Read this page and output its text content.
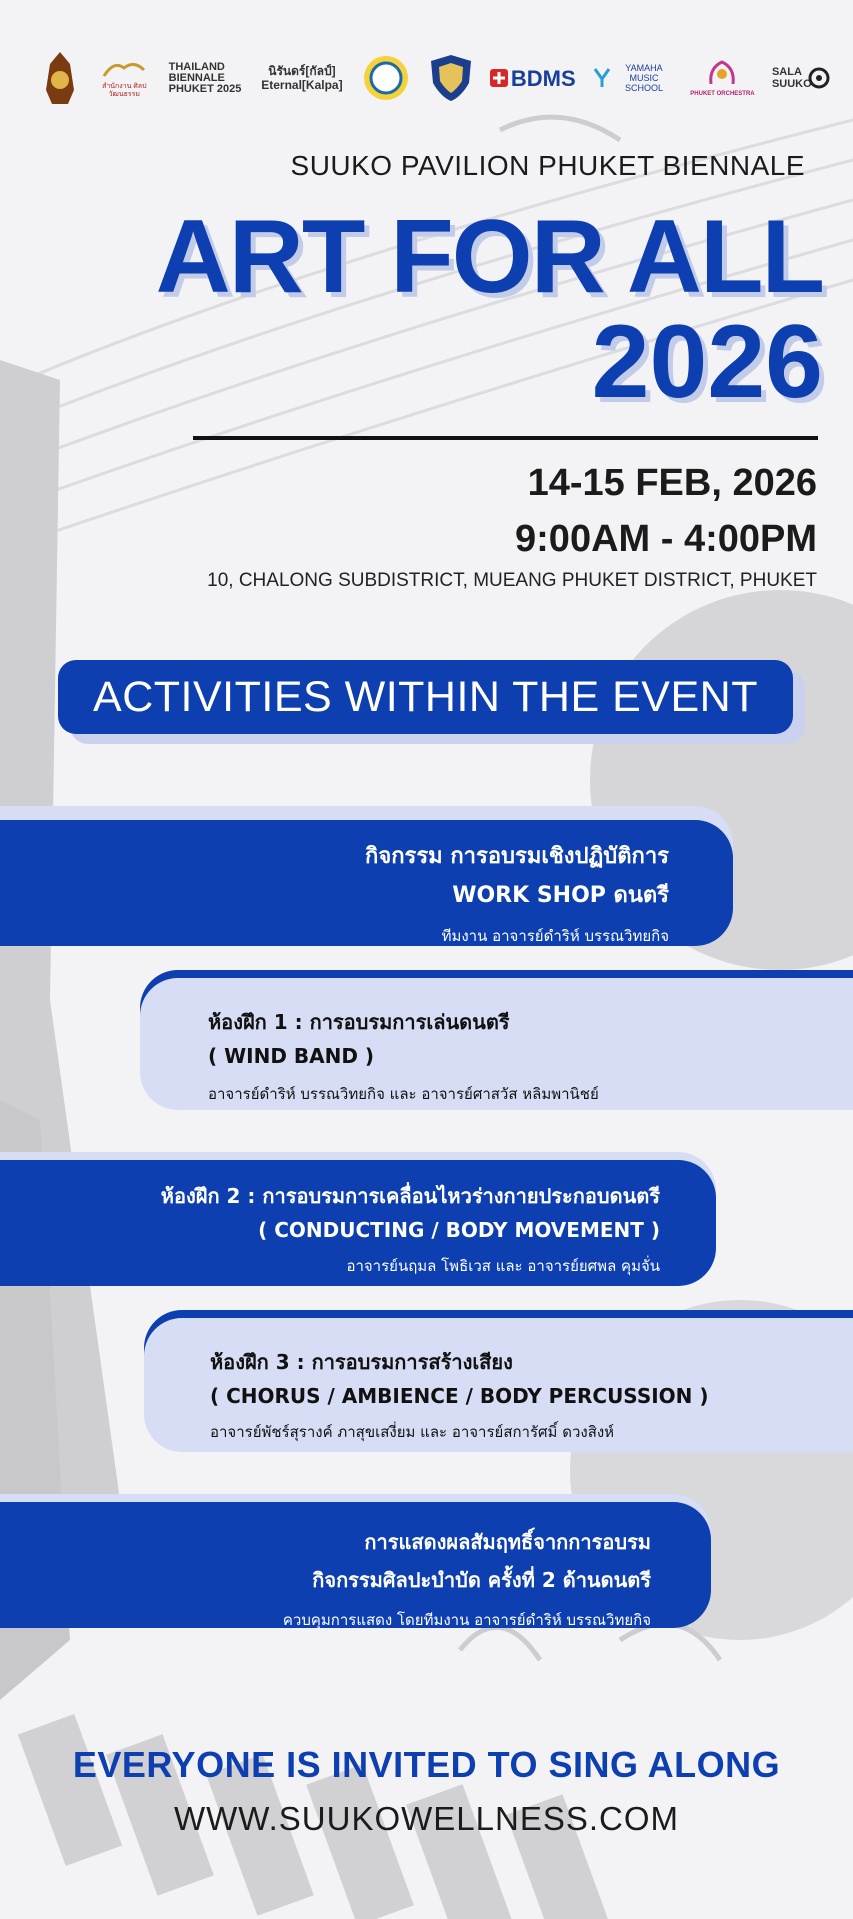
สำนักงาน ศิลปวัฒนธรรม
THAILAND BIENNALE PHUKET 2025
นิรันดร์[กัลป์] Eternal[Kalpa]	BDMS	YAMAHA MUSIC SCHOOL
PHUKET ORCHESTRA
SALA SUUKO
SUUKO PAVILION PHUKET BIENNALE
ART FOR ALL
2026
14-15 FEB, 2026
9:00AM - 4:00PM
10, CHALONG SUBDISTRICT, MUEANG PHUKET DISTRICT, PHUKET
ACTIVITIES WITHIN THE EVENT
กิจกรรม การอบรมเชิงปฏิบัติการ
WORK SHOP ดนตรี
ทีมงาน อาจารย์ดำริห์ บรรณวิทยกิจ
ห้องฝึก 1 : การอบรมการเล่นดนตรี
( WIND BAND )
อาจารย์ดำริห์ บรรณวิทยกิจ และ อาจารย์ศาสวัส หลิมพานิชย์
ห้องฝึก 2 : การอบรมการเคลื่อนไหวร่างกายประกอบดนตรี
( CONDUCTING / BODY MOVEMENT )
อาจารย์นฤมล โพธิเวส และ อาจารย์ยศพล คุมจั่น
ห้องฝึก 3 : การอบรมการสร้างเสียง
( CHORUS / AMBIENCE / BODY PERCUSSION )
อาจารย์พัชร์สุรางค์ ภาสุขเสงี่ยม และ อาจารย์สการัศมิ์ ดวงสิงห์
การแสดงผลสัมฤทธิ์จากการอบรม
กิจกรรมศิลปะบำบัด ครั้งที่ 2 ด้านดนตรี
ควบคุมการแสดง โดยทีมงาน อาจารย์ดำริห์ บรรณวิทยกิจ
EVERYONE IS INVITED TO SING ALONG
WWW.SUUKOWELLNESS.COM
